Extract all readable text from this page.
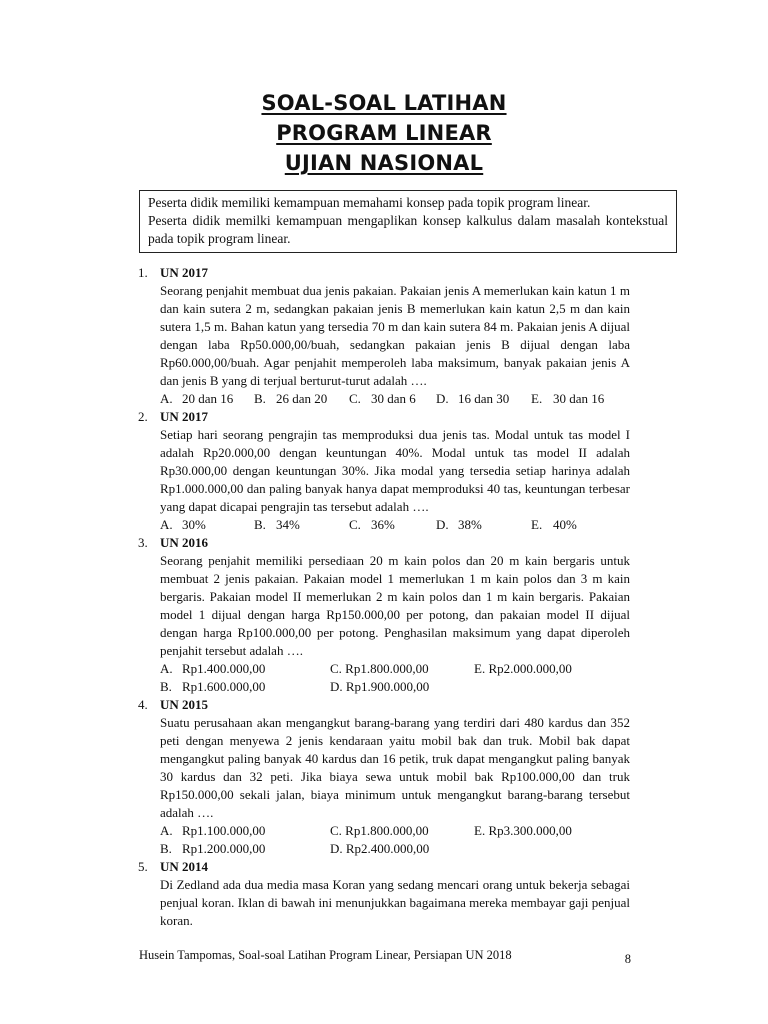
SOAL-SOAL LATIHAN
PROGRAM LINEAR
UJIAN NASIONAL

Peserta didik memiliki kemampuan memahami konsep pada topik program linear.

Peserta didik memilki kemampuan mengaplikan konsep kalkulus dalam masalah kontekstual pada topik program linear.

1. UN 2017

Seorang penjahit membuat dua jenis pakaian. Pakaian jenis A memerlukan kain katun 1 m dan kain sutera 2 m, sedangkan pakaian jenis B memerlukan kain katun 2,5 m dan kain sutera 1,5 m. Bahan katun yang tersedia 70 m dan kain sutera 84 m. Pakaian jenis A dijual dengan laba Rp50.000,00/buah, sedangkan pakaian jenis B dijual dengan laba Rp60.000,00/buah. Agar penjahit memperoleh laba maksimum, banyak pakaian jenis A dan jenis B yang di terjual berturut-turut adalah ….

A. 20 dan 16	B. 26 dan 20	C. 30 dan 6	D. 16 dan 30	E. 30 dan 16
2. UN 2017

Setiap hari seorang pengrajin tas memproduksi dua jenis tas. Modal untuk tas model I adalah Rp20.000,00 dengan keuntungan 40%. Modal untuk tas model II adalah Rp30.000,00 dengan keuntungan 30%. Jika modal yang tersedia setiap harinya adalah Rp1.000.000,00 dan paling banyak hanya dapat memproduksi 40 tas, keuntungan terbesar yang dapat dicapai pengrajin tas tersebut adalah ….

A. 30%	B. 34%	C. 36%	D. 38%	E. 40%
3. UN 2016

Seorang penjahit memiliki persediaan 20 m kain polos dan 20 m kain bergaris untuk membuat 2 jenis pakaian. Pakaian model 1 memerlukan 1 m kain polos dan 3 m kain bergaris. Pakaian model II memerlukan 2 m kain polos dan 1 m kain bergaris. Pakaian model 1 dijual dengan harga Rp150.000,00 per potong, dan pakaian model II dijual dengan harga Rp100.000,00 per potong. Penghasilan maksimum yang dapat diperoleh penjahit tersebut adalah ….

A. Rp1.400.000,00	C. Rp1.800.000,00	E. Rp2.000.000,00
B. Rp1.600.000,00	D. Rp1.900.000,00
4. UN 2015

Suatu perusahaan akan mengangkut barang-barang yang terdiri dari 480 kardus dan 352 peti dengan menyewa 2 jenis kendaraan yaitu mobil bak dan truk. Mobil bak dapat mengangkut paling banyak 40 kardus dan 16 petik, truk dapat mengangkut paling banyak 30 kardus dan 32 peti. Jika biaya sewa untuk mobil bak Rp100.000,00 dan truk Rp150.000,00 sekali jalan, biaya minimum untuk mengangkut barang-barang tersebut adalah ….

A. Rp1.100.000,00	C. Rp1.800.000,00	E. Rp3.300.000,00
B. Rp1.200.000,00	D. Rp2.400.000,00
5. UN 2014

Di Zedland ada dua media masa Koran yang sedang mencari orang untuk bekerja sebagai penjual koran. Iklan di bawah ini menunjukkan bagaimana mereka membayar gaji penjual koran.

Husein Tampomas, Soal-soal Latihan Program Linear, Persiapan UN 2018	8
